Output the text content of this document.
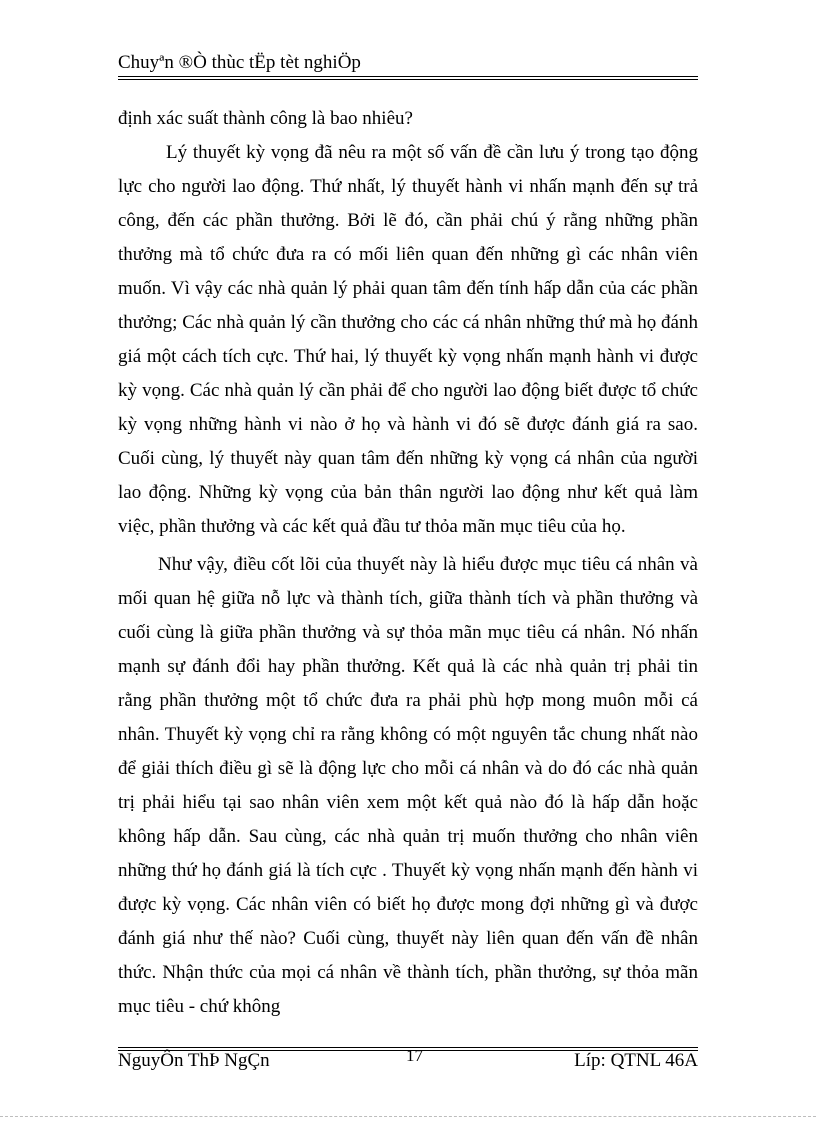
Chuyªn ®Ò thùc tËp tèt nghiÖp

định xác suất thành công là bao nhiêu?

Lý thuyết kỳ vọng đã nêu ra một số vấn đề cần lưu ý trong tạo động lực cho người lao động. Thứ nhất, lý thuyết hành vi nhấn mạnh đến sự trả công, đến các phần thưởng. Bởi lẽ đó, cần phải chú ý rằng những phần thưởng mà tổ chức đưa ra có mối liên quan đến những gì các nhân viên muốn. Vì vậy các nhà quản lý phải quan tâm đến tính hấp dẫn của các phần thưởng; Các nhà quản lý cần thưởng cho các cá nhân những thứ mà họ đánh giá một cách tích cực. Thứ hai, lý thuyết kỳ vọng nhấn mạnh hành vi được kỳ vọng. Các nhà quản lý cần phải để cho người lao động biết được tổ chức kỳ vọng những hành vi nào ở họ và hành vi đó sẽ được đánh giá ra sao. Cuối cùng, lý thuyết này quan tâm đến những kỳ vọng cá nhân của người lao động. Những kỳ vọng của bản thân người lao động như kết quả làm việc, phần thưởng và các kết quả đầu tư thỏa mãn mục tiêu của họ.

Như vậy, điều cốt lõi của thuyết này là hiểu được mục tiêu cá nhân và mối quan hệ giữa nỗ lực và thành tích, giữa thành tích và phần thưởng và cuối cùng là giữa phần thưởng và sự thỏa mãn mục tiêu cá nhân. Nó nhấn mạnh sự đánh đổi hay phần thưởng. Kết quả là các nhà quản trị phải tin rằng phần thưởng một tổ chức đưa ra phải phù hợp mong muôn mỗi cá nhân. Thuyết kỳ vọng chỉ ra rằng không có một nguyên tắc chung nhất nào để giải thích điều gì sẽ là động lực cho mỗi cá nhân và do đó các nhà quản trị phải hiểu tại sao nhân viên xem một kết quả nào đó là hấp dẫn hoặc không hấp dẫn. Sau cùng, các nhà quản trị muốn thưởng cho nhân viên những thứ họ đánh giá là tích cực . Thuyết kỳ vọng nhấn mạnh đến hành vi được kỳ vọng. Các nhân viên có biết họ được mong đợi những gì và được đánh giá như thế nào? Cuối cùng, thuyết này liên quan đến vấn đề nhân thức. Nhận thức của mọi cá nhân về thành tích, phần thưởng, sự thỏa mãn mục tiêu - chứ không

NguyÔn ThÞ NgÇn	17	Líp: QTNL 46A
